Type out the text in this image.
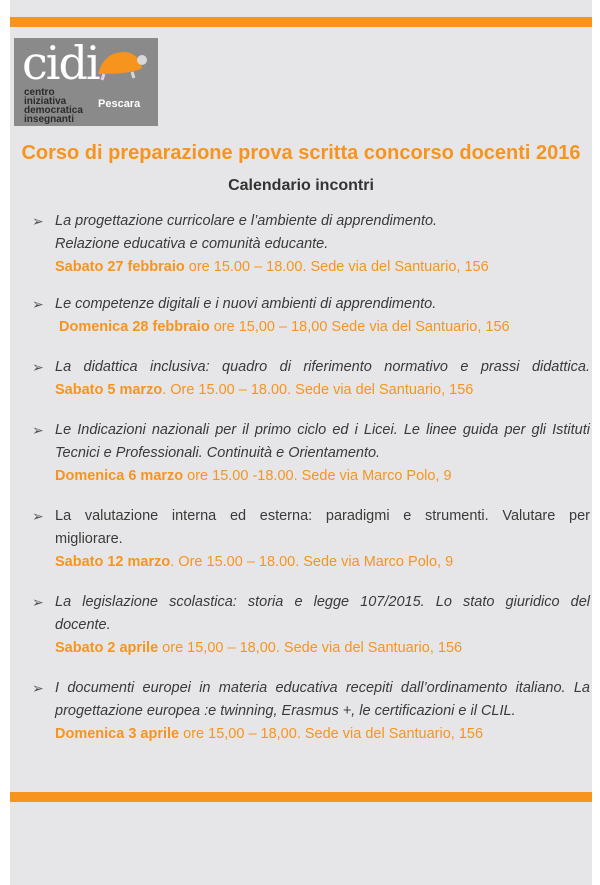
cidi
centro
iniziativa
democratica
insegnanti
Pescara
Corso di preparazione prova scritta concorso docenti 2016
Calendario incontri
➢ La progettazione curricolare e l’ambiente di apprendimento.
Relazione educativa e comunità educante.
Sabato 27 febbraio ore 15.00 – 18.00. Sede via del Santuario, 156
➢ Le competenze digitali e i nuovi ambienti di apprendimento.
Domenica 28 febbraio ore 15,00 – 18,00 Sede via del Santuario, 156
➢ La didattica inclusiva: quadro di riferimento normativo e prassi didattica.
Sabato 5 marzo. Ore 15.00 – 18.00. Sede via del Santuario, 156
➢ Le Indicazioni nazionali per il primo ciclo ed i Licei. Le linee guida per gli Istituti
Tecnici e Professionali. Continuità e Orientamento.
Domenica 6 marzo ore 15.00 -18.00. Sede via Marco Polo, 9
➢ La valutazione interna ed esterna: paradigmi e strumenti. Valutare per
migliorare.
Sabato 12 marzo. Ore 15.00 – 18.00. Sede via Marco Polo, 9
➢ La legislazione scolastica: storia e legge 107/2015. Lo stato giuridico del
docente.
Sabato 2 aprile ore 15,00 – 18,00. Sede via del Santuario, 156
➢ I documenti europei in materia educativa recepiti dall’ordinamento italiano. La
progettazione europea :e twinning, Erasmus +, le certificazioni e il CLIL.
Domenica 3 aprile ore 15,00 – 18,00. Sede via del Santuario, 156
